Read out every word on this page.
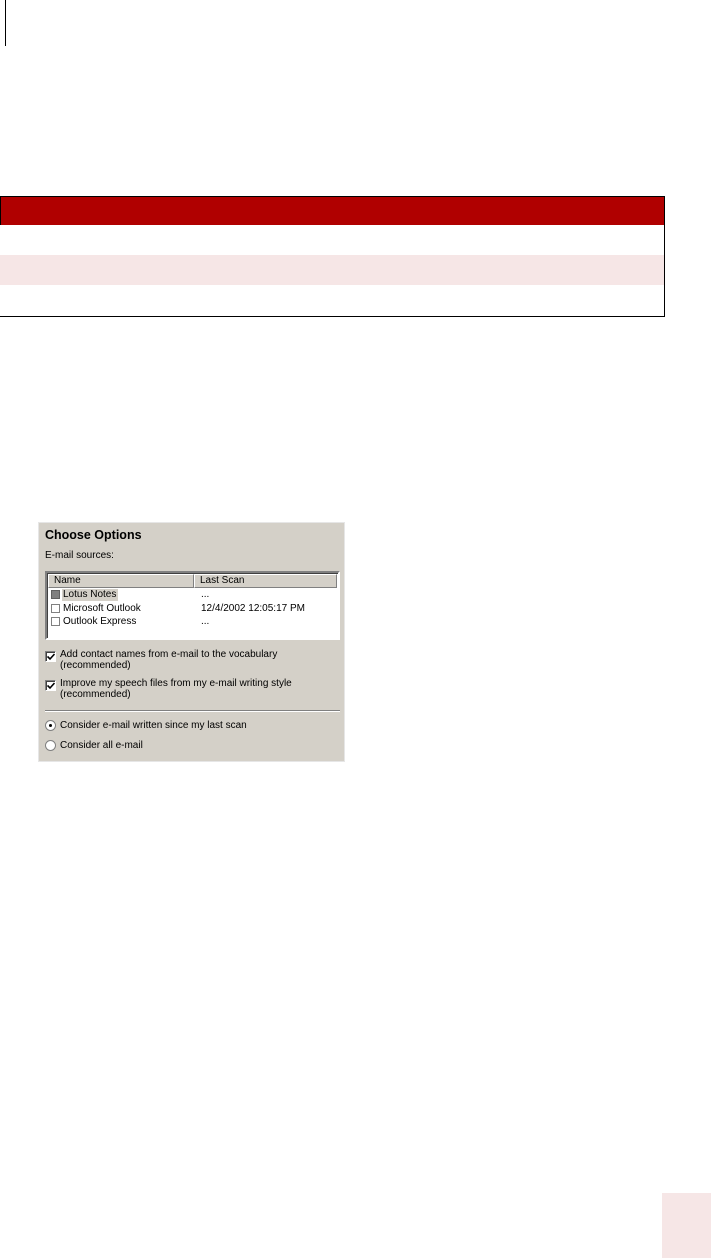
Choose Options
E-mail sources:
Name	Last Scan
Lotus Notes	...
Microsoft Outlook	12/4/2002 12:05:17 PM
Outlook Express	...
Add contact names from e-mail to the vocabulary
(recommended)
Improve my speech files from my e-mail writing style
(recommended)
Consider e-mail written since my last scan
Consider all e-mail
